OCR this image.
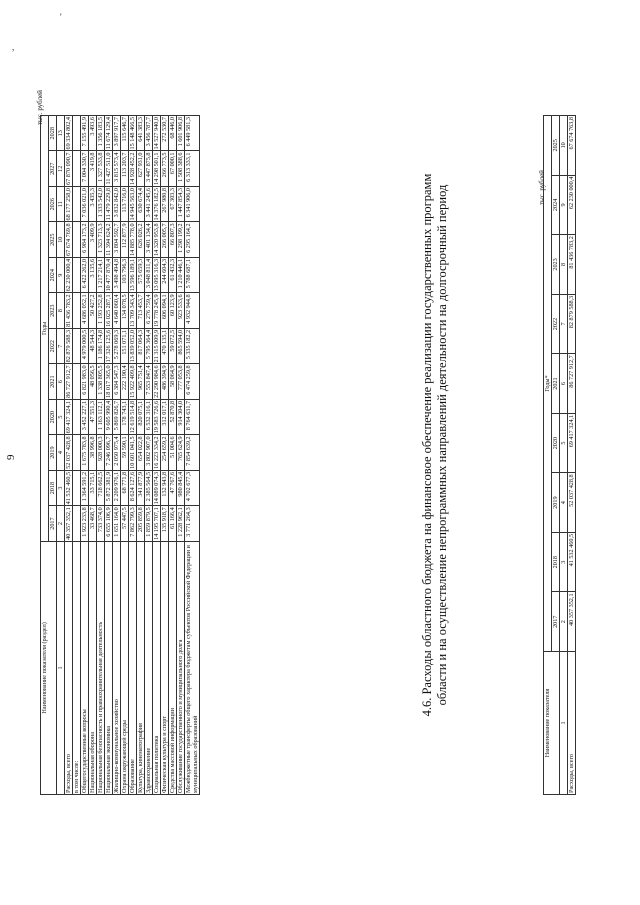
'
,
9
тыс. рублей
Наименование показателя (раздел)	Годы											
	2017	2018	2019	2020	2021	2022	2023	2024	2025	2026	2027	2028
1	2	3	4	5	6	7	8	9	10	11	12	13
Расходы, всего	40 357 352,1	41 532 460,5	52 037 428,8	69 417 324,1	86 727 912,7	82 879 588,3	81 436 783,2	62 230 000,4	67 674 769,8	68 177 258,0	67 870 090,7	69 334 802,4
в том числе:												
Общегосударственные вопросы	1 923 233,8	1 364 591,2	1 675 783,8	3 452 227,1	6 821 983,0	4 979 000,5	4 686 052,1	6 422 262,0	6 984 173,2	7 036 021,0	7 004 330,7	7 155 491,9
Национальная оборона	33 468,7	33 715,1	38 996,8	47 551,3	48 056,5	48 544,3	50 427,2	3 135,6	3 409,9	3 435,3	3 419,8	3 493,6
Национальная безопасность и правоохранительная деятельность	733 374,0	718 662,5	928 000,3	1 163 112,1	1 338 805,5	1 186 174,8	1 193 252,8	1 217 214,1	1 323 713,3	1 333 542,0	1 327 533,8	1 356 183,5
Национальная экономика	6 655 106,9	5 872 381,9	7 246 096,7	9 605 990,4	18 017 365,0	17 326 125,6	16 025 287,1	10 477 870,4	11 394 624,2	11 479 229,8	11 427 511,0	11 674 129,4
Жилищно-коммунальное хозяйство	1 651 164,0	2 209 976,1	2 050 975,4	5 869 826,7	6 384 547,3	5 278 069,3	4 640 060,4	3 498 494,8	3 804 592,7	3 832 842,0	3 815 573,4	3 897 917,7
Охрана окружающей среды	57 447,5	68 771,8	59 590,1	178 743,1	222 190,4	151 071,1	134 078,5	103 796,3	112 877,9	113 716,0	113 203,7	115 646,7
Образование	7 862 799,3	8 624 127,6	10 601 041,5	12 619 514,8	15 922 409,8	13 839 052,0	13 709 343,4	13 596 189,1	14 885 778,0	14 945 563,0	14 928 452,2	15 148 466,5
Культура, кинематография	205 859,8	341 877,9	654 022,8	820 075,1	965 751,4	817 064,3	713 453,7	575 659,3	626 026,2	630 674,4	627 931,0	641 383,3
Здравоохранение	1 859 879,5	2 385 564,5	3 802 907,0	6 532 316,1	7 553 847,4	5 795 364,4	6 276 759,4	3 048 811,4	3 401 134,4	3 441 245,6	3 447 875,8	3 456 787,7
Социальная политика	14 195 707,1	14 089 074,3	16 223 334,2	19 583 726,6	22 290 984,6	21 315 009,9	19 778 245,9	13 095 316,3	14 320 953,8	14 376 182,5	14 298 501,1	14 527 940,0
Физическая культура и спорт	135 918,7	132 943,8	254 659,2	312 017,1	486 394,9	470 135,1	606 094,1	244 604,3	266 005,7	267 980,8	266 773,5	272 530,7
Средства массовой информации	61 166,4	47 767,6	51 004,6	52 870,8	58 064,9	59 072,5	60 123,9	61 432,3	66 807,3	67 303,3	67 000,1	68 446,0
Обслуживание государственного и муниципального долга	1 228 962,1	980 845,4	765 624,9	914 304,0	777 053,8	865 594,0	923 533,6	1 210 446,1	1 298 199,2	1 447 854,3	1 508 388,6	1 601 906,8
Межбюджетные трансферты общего характера бюджетам субъектов Российской Федерации и муниципальных образований	3 771 264,3	4 702 677,3	7 854 639,2	8 764 631,7	6 474 259,8	5 335 182,2	4 932 944,8	5 788 687,1	6 295 164,2	6 341 906,0	6 313 333,1	6 449 581,3
4.6. Расходы областного бюджета на финансовое обеспечение реализации государственных программ области и на осуществление непрограммных направлений деятельности на долгосрочный период	тыс. рублей
Наименование показателя	Годы*								
	2017	2018	2019	2020	2021	2022	2023	2024	2025
1	2	3	4	5	6	7	8	9	10
Расходы, всего	40 357 352,1	41 532 460,5	52 037 428,8	69 417 324,1	86 727 912,7	82 879 588,3	81 436 783,2	62 230 000,4	67 674 763,8
